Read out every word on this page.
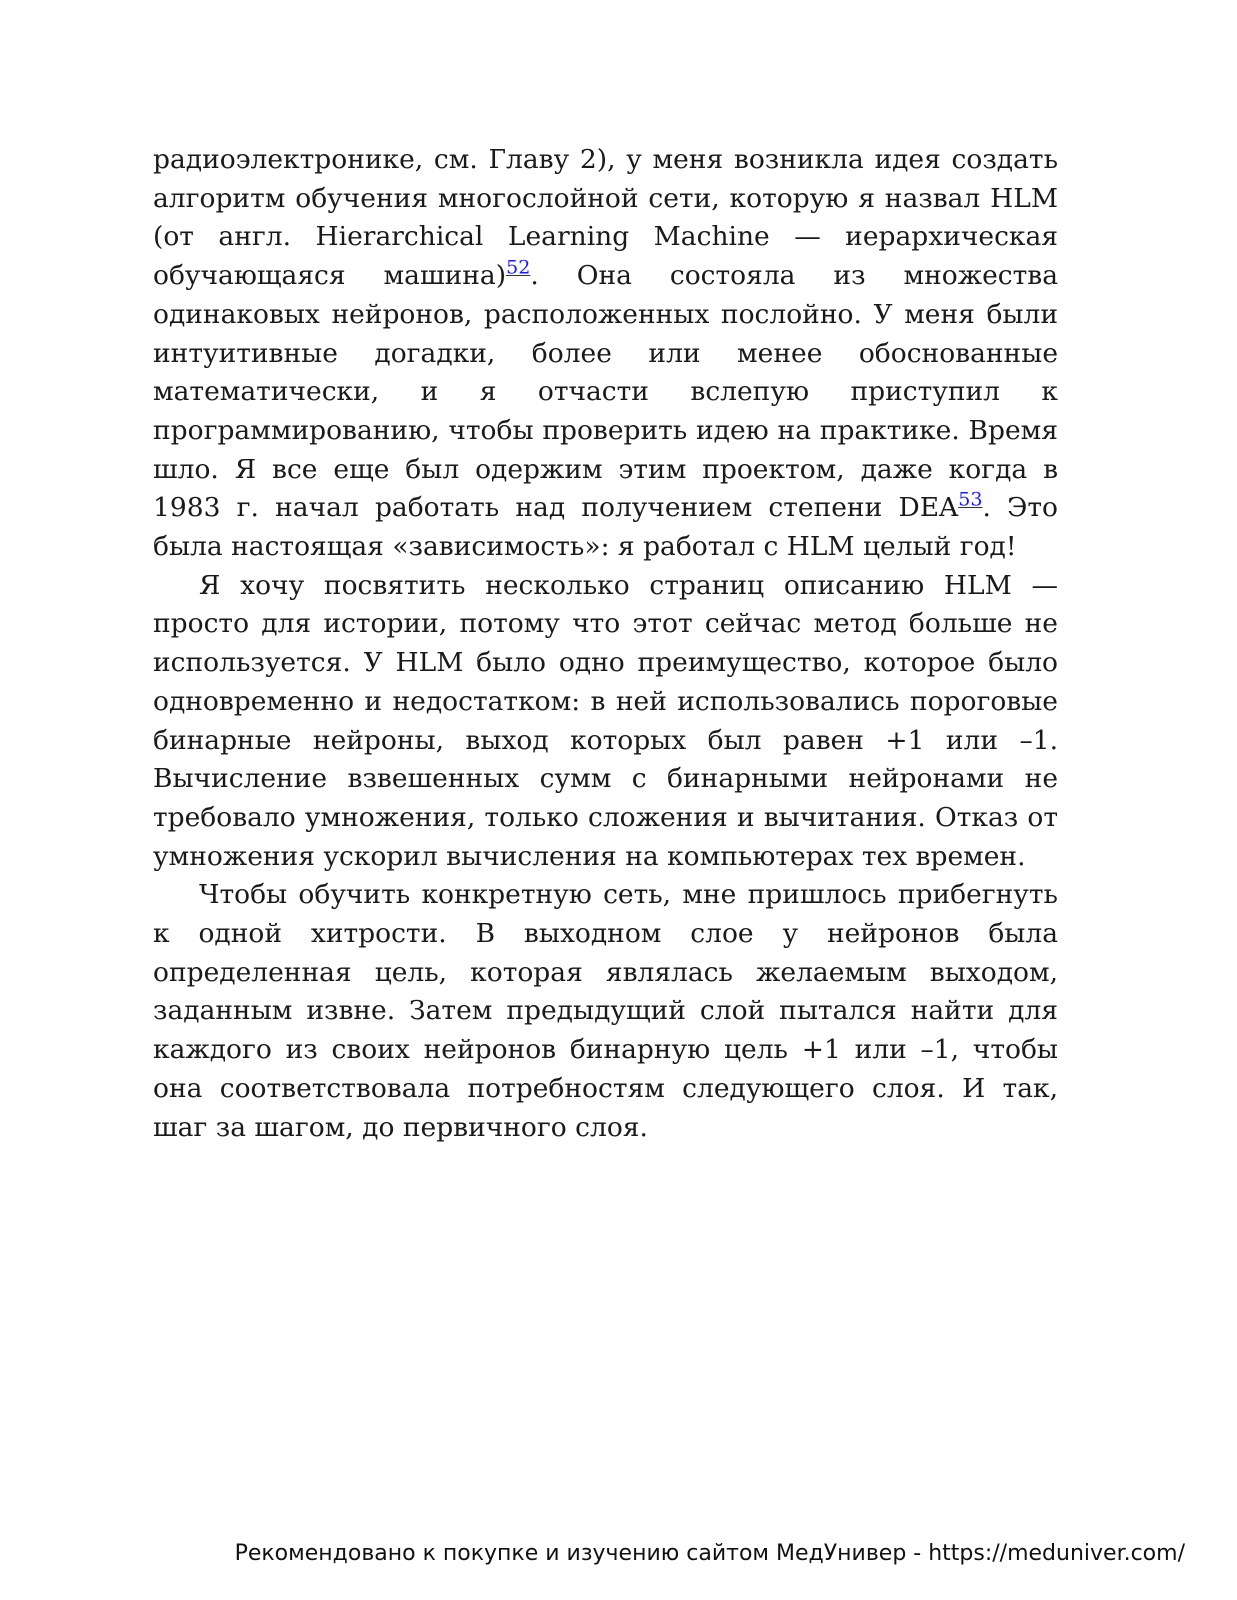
радиоэлектронике, см. Главу 2), у меня возникла идея создать алгоритм обучения многослойной сети, которую я назвал HLM (от англ. Hierarchical Learning Machine — иерархическая обучающаяся машина)$^{52}$. Она состояла из множества одинаковых нейронов, расположенных послойно. У меня были интуитивные догадки, более или менее обоснованные математически, и я отчасти вслепую приступил к программированию, чтобы проверить идею на практике. Время шло. Я все еще был одержим этим проектом, даже когда в 1983 г. начал работать над получением степени DEA$^{53}$. Это была настоящая «зависимость»: я работал с HLM целый год!

Я хочу посвятить несколько страниц описанию HLM — просто для истории, потому что этот сейчас метод больше не используется. У HLM было одно преимущество, которое было одновременно и недостатком: в ней использовались пороговые бинарные нейроны, выход которых был равен +1 или –1. Вычисление взвешенных сумм с бинарными нейронами не требовало умножения, только сложения и вычитания. Отказ от умножения ускорил вычисления на компьютерах тех времен.

Чтобы обучить конкретную сеть, мне пришлось прибегнуть к одной хитрости. В выходном слое у нейронов была определенная цель, которая являлась желаемым выходом, заданным извне. Затем предыдущий слой пытался найти для каждого из своих нейронов бинарную цель +1 или –1, чтобы она соответствовала потребностям следующего слоя. И так, шаг за шагом, до первичного слоя.

Рекомендовано к покупке и изучению сайтом МедУнивер - https://meduniver.com/
